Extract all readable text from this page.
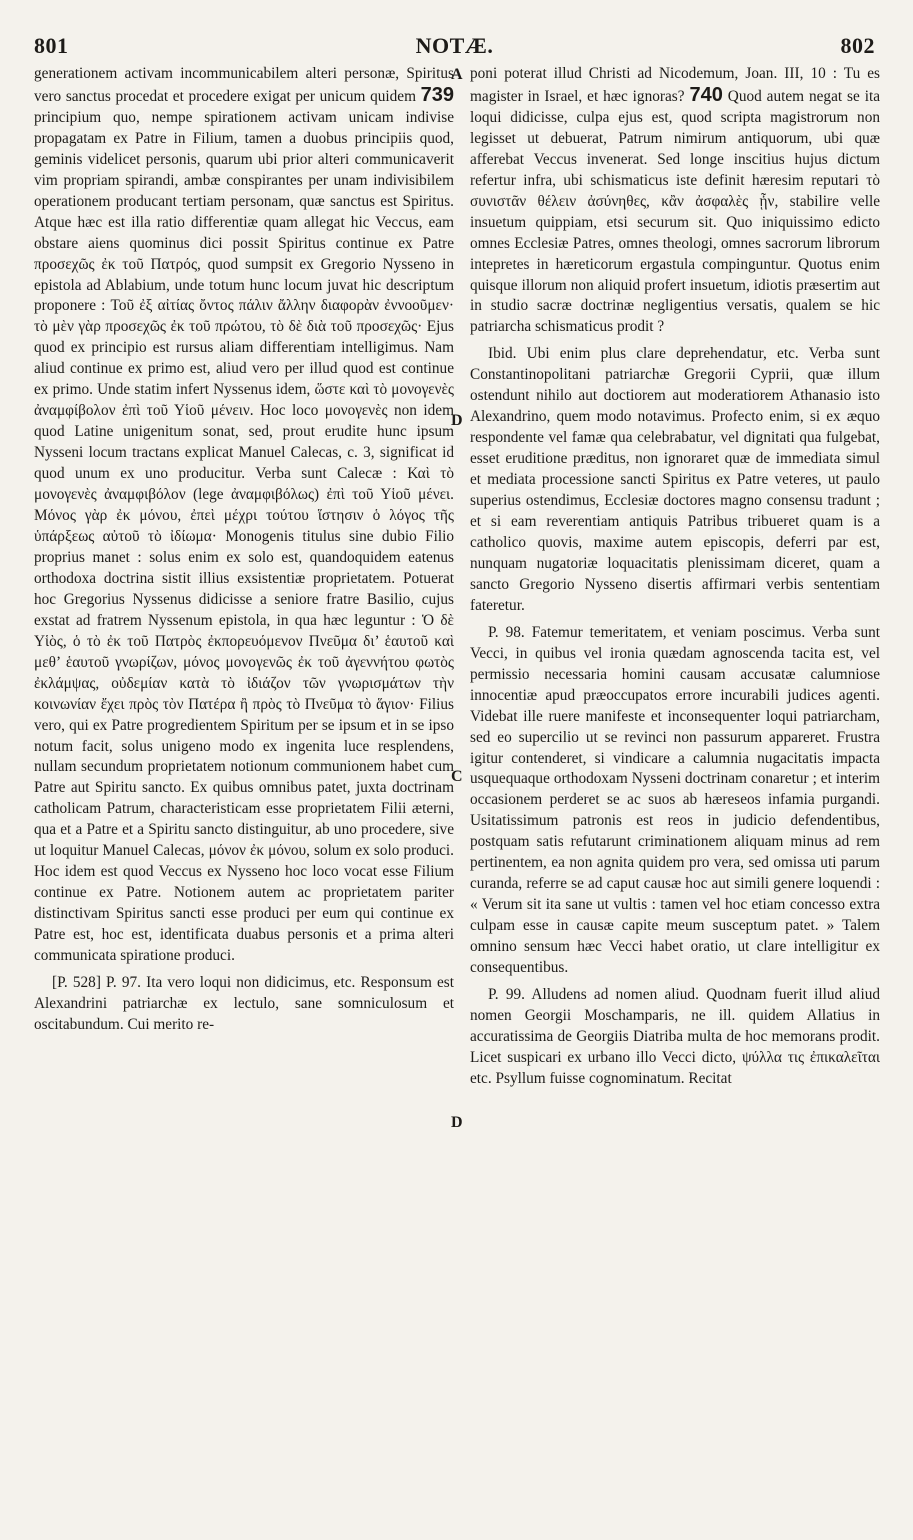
801	NOTÆ.	802
A
D
C
D

generationem activam incommunicabilem alteri personæ, Spiritus vero sanctus procedat et procedere exigat per unicum quidem 739 principium quo, nempe spirationem activam unicam indivise propagatam ex Patre in Filium, tamen a duobus principiis quod, geminis videlicet personis, quarum ubi prior alteri communicaverit vim propriam spirandi, ambæ conspirantes per unam indivisibilem operationem producant tertiam personam, quæ sanctus est Spiritus. Atque hæc est illa ratio differentiæ quam allegat hic Veccus, eam obstare aiens quominus dici possit Spiritus continue ex Patre προσεχῶς ἐκ τοῦ Πατρός, quod sumpsit ex Gregorio Nysseno in epistola ad Ablabium, unde totum hunc locum juvat hic descriptum proponere : Τοῦ ἐξ αἰτίας ὄντος πάλιν ἄλλην διαφορὰν ἐννοοῦμεν· τὸ μὲν γὰρ προσεχῶς ἐκ τοῦ πρώτου, τὸ δὲ διὰ τοῦ προσεχῶς· Ejus quod ex principio est rursus aliam differentiam intelligimus. Nam aliud continue ex primo est, aliud vero per illud quod est continue ex primo. Unde statim infert Nyssenus idem, ὥστε καὶ τὸ μονογενὲς ἀναμφίβολον ἐπὶ τοῦ Υἱοῦ μένειν. Hoc loco μονογενὲς non idem quod Latine unigenitum sonat, sed, prout erudite hunc ipsum Nysseni locum tractans explicat Manuel Calecas, c. 3, significat id quod unum ex uno producitur. Verba sunt Calecæ : Καὶ τὸ μονογενὲς ἀναμφιβόλον (lege ἀναμφιβόλως) ἐπὶ τοῦ Υἱοῦ μένει. Μόνος γὰρ ἐκ μόνου, ἐπεὶ μέχρι τούτου ἵστησιν ὁ λόγος τῆς ὑπάρξεως αὐτοῦ τὸ ἰδίωμα· Monogenis titulus sine dubio Filio proprius manet : solus enim ex solo est, quandoquidem eatenus orthodoxa doctrina sistit illius exsistentiæ proprietatem. Potuerat hoc Gregorius Nyssenus didicisse a seniore fratre Basilio, cujus exstat ad fratrem Nyssenum epistola, in qua hæc leguntur : Ὁ δὲ Υἱὸς, ὁ τὸ ἐκ τοῦ Πατρὸς ἐκπορευόμενον Πνεῦμα δι’ ἑαυτοῦ καὶ μεθ’ ἑαυτοῦ γνωρίζων, μόνος μονογενῶς ἐκ τοῦ ἀγεννήτου φωτὸς ἐκλάμψας, οὐδεμίαν κατὰ τὸ ἰδιάζον τῶν γνωρισμάτων τὴν κοινωνίαν ἔχει πρὸς τὸν Πατέρα ἢ πρὸς τὸ Πνεῦμα τὸ ἅγιον· Filius vero, qui ex Patre progredientem Spiritum per se ipsum et in se ipso notum facit, solus unigeno modo ex ingenita luce resplendens, nullam secundum proprietatem notionum communionem habet cum Patre aut Spiritu sancto. Ex quibus omnibus patet, juxta doctrinam catholicam Patrum, characteristicam esse proprietatem Filii æterni, qua et a Patre et a Spiritu sancto distinguitur, ab uno procedere, sive ut loquitur Manuel Calecas, μόνον ἐκ μόνου, solum ex solo produci. Hoc idem est quod Veccus ex Nysseno hoc loco vocat esse Filium continue ex Patre. Notionem autem ac proprietatem pariter distinctivam Spiritus sancti esse produci per eum qui continue ex Patre est, hoc est, identificata duabus personis et a prima alteri communicata spiratione produci.

[P. 528] P. 97. Ita vero loqui non didicimus, etc. Responsum est Alexandrini patriarchæ ex lectulo, sane somniculosum et oscitabundum. Cui merito re-

poni poterat illud Christi ad Nicodemum, Joan. III, 10 : Tu es magister in Israel, et hæc ignoras? 740 Quod autem negat se ita loqui didicisse, culpa ejus est, quod scripta magistrorum non legisset ut debuerat, Patrum nimirum antiquorum, ubi quæ afferebat Veccus invenerat. Sed longe inscitius hujus dictum refertur infra, ubi schismaticus iste definit hæresim reputari τὸ συνιστᾶν θέλειν ἀσύνηθες, κἂν ἀσφαλὲς ᾖν, stabilire velle insuetum quippiam, etsi securum sit. Quo iniquissimo edicto omnes Ecclesiæ Patres, omnes theologi, omnes sacrorum librorum intepretes in hæreticorum ergastula compinguntur. Quotus enim quisque illorum non aliquid profert insuetum, idiotis præsertim aut in studio sacræ doctrinæ negligentius versatis, qualem se hic patriarcha schismaticus prodit ?

Ibid. Ubi enim plus clare deprehendatur, etc. Verba sunt Constantinopolitani patriarchæ Gregorii Cyprii, quæ illum ostendunt nihilo aut doctiorem aut moderatiorem Athanasio isto Alexandrino, quem modo notavimus. Profecto enim, si ex æquo respondente vel famæ qua celebrabatur, vel dignitati qua fulgebat, esset eruditione præditus, non ignoraret quæ de immediata simul et mediata processione sancti Spiritus ex Patre veteres, ut paulo superius ostendimus, Ecclesiæ doctores magno consensu tradunt ; et si eam reverentiam antiquis Patribus tribueret quam is a catholico quovis, maxime autem episcopis, deferri par est, nunquam nugatoriæ loquacitatis plenissimam diceret, quam a sancto Gregorio Nysseno disertis affirmari verbis sententiam fateretur.

P. 98. Fatemur temeritatem, et veniam poscimus. Verba sunt Vecci, in quibus vel ironia quædam agnoscenda tacita est, vel permissio necessaria homini causam accusatæ calumniose innocentiæ apud præoccupatos errore incurabili judices agenti. Videbat ille ruere manifeste et inconsequenter loqui patriarcham, sed eo supercilio ut se revinci non passurum appareret. Frustra igitur contenderet, si vindicare a calumnia nugacitatis impacta usquequaque orthodoxam Nysseni doctrinam conaretur ; et interim occasionem perderet se ac suos ab hæreseos infamia purgandi. Usitatissimum patronis est reos in judicio defendentibus, postquam satis refutarunt criminationem aliquam minus ad rem pertinentem, ea non agnita quidem pro vera, sed omissa uti parum curanda, referre se ad caput causæ hoc aut simili genere loquendi : « Verum sit ita sane ut vultis : tamen vel hoc etiam concesso extra culpam esse in causæ capite meum susceptum patet. » Talem omnino sensum hæc Vecci habet oratio, ut clare intelligitur ex consequentibus.

P. 99. Alludens ad nomen aliud. Quodnam fuerit illud aliud nomen Georgii Moschamparis, ne ill. quidem Allatius in accuratissima de Georgiis Diatriba multa de hoc memorans prodit. Licet suspicari ex urbano illo Vecci dicto, ψύλλα τις ἐπικαλεῖται etc. Psyllum fuisse cognominatum. Recitat
